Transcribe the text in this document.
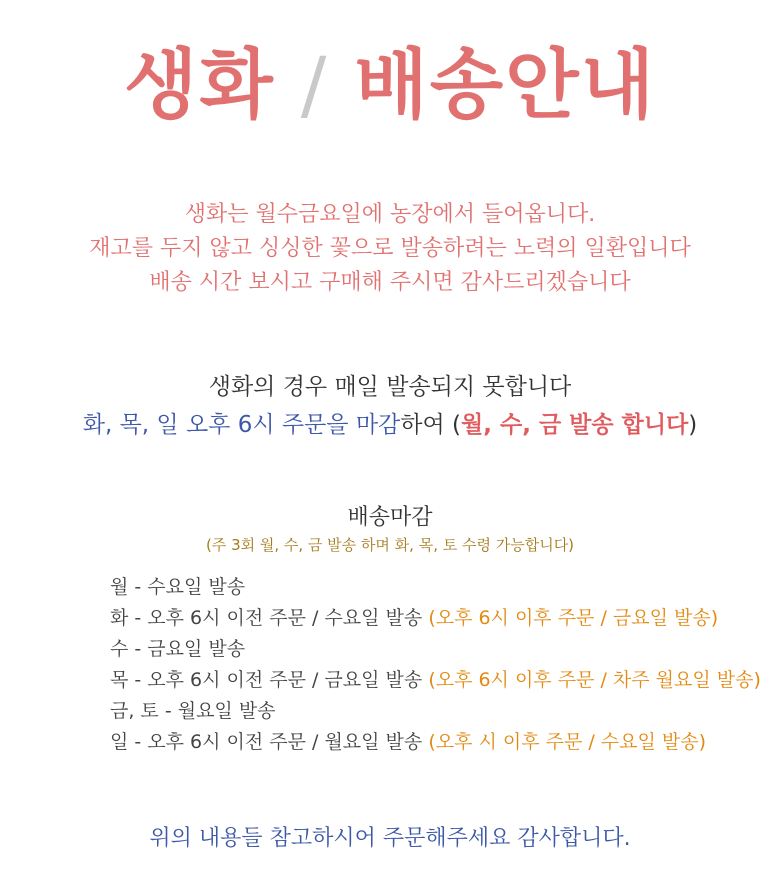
생화 / 배송안내
생화는 월수금요일에 농장에서 들어옵니다.
재고를 두지 않고 싱싱한 꽃으로 발송하려는 노력의 일환입니다
배송 시간 보시고 구매해 주시면 감사드리겠습니다
생화의 경우 매일 발송되지 못합니다
화, 목, 일 오후 6시 주문을 마감하여 (월, 수, 금 발송 합니다)
배송마감
(주 3회 월, 수, 금 발송 하며 화, 목, 토 수령 가능합니다)
월 - 수요일 발송
화 - 오후 6시 이전 주문 / 수요일 발송 (오후 6시 이후 주문 / 금요일 발송)
수 - 금요일 발송
목 - 오후 6시 이전 주문 / 금요일 발송 (오후 6시 이후 주문 / 차주 월요일 발송)
금, 토 - 월요일 발송
일 - 오후 6시 이전 주문 / 월요일 발송 (오후 시 이후 주문 / 수요일 발송)
위의 내용들 참고하시어 주문해주세요 감사합니다.
